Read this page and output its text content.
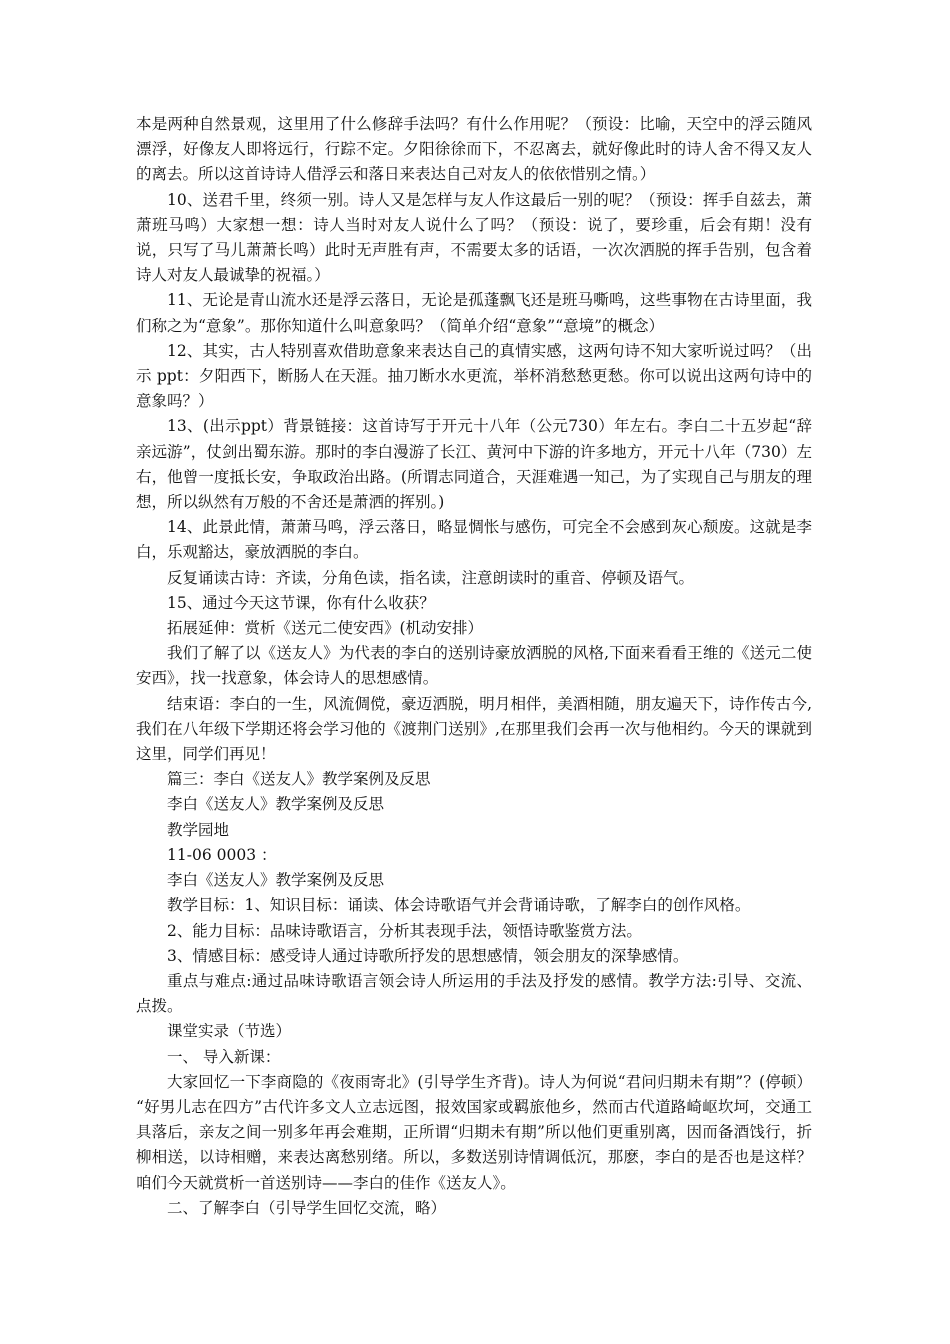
本是两种自然景观，这里用了什么修辞手法吗？有什么作用呢？（预设：比喻，天空中的浮云随风漂浮，好像友人即将远行，行踪不定。夕阳徐徐而下，不忍离去，就好像此时的诗人舍不得又友人的离去。所以这首诗诗人借浮云和落日来表达自己对友人的依依惜别之情。）

10、送君千里，终须一别。诗人又是怎样与友人作这最后一别的呢？（预设：挥手自兹去，萧萧班马鸣）大家想一想：诗人当时对友人说什么了吗？（预设：说了，要珍重，后会有期！没有说，只写了马儿萧萧长鸣）此时无声胜有声，不需要太多的话语，一次次洒脱的挥手告别，包含着诗人对友人最诚挚的祝福。）

11、无论是青山流水还是浮云落日，无论是孤蓬飘飞还是班马嘶鸣，这些事物在古诗里面，我们称之为“意象”。那你知道什么叫意象吗？（简单介绍“意象”“意境”的概念）

12、其实，古人特别喜欢借助意象来表达自己的真情实感，这两句诗不知大家听说过吗？（出示 ppt：夕阳西下，断肠人在天涯。抽刀断水水更流，举杯消愁愁更愁。你可以说出这两句诗中的意象吗？）

13、(出示ppt）背景链接：这首诗写于开元十八年（公元730）年左右。李白二十五岁起“辞亲远游”，仗剑出蜀东游。那时的李白漫游了长江、黄河中下游的许多地方，开元十八年（730）左右，他曾一度抵长安，争取政治出路。(所谓志同道合，天涯难遇一知己，为了实现自己与朋友的理想，所以纵然有万般的不舍还是萧洒的挥别。)

14、此景此情，萧萧马鸣，浮云落日，略显惆怅与感伤，可完全不会感到灰心颓废。这就是李白，乐观豁达，豪放洒脱的李白。

反复诵读古诗：齐读，分角色读，指名读，注意朗读时的重音、停顿及语气。

15、通过今天这节课，你有什么收获？

拓展延伸：赏析《送元二使安西》(机动安排）

我们了解了以《送友人》为代表的李白的送别诗豪放洒脱的风格,下面来看看王维的《送元二使安西》，找一找意象，体会诗人的思想感情。

结束语：李白的一生，风流倜傥，豪迈洒脱，明月相伴，美酒相随，朋友遍天下，诗作传古今,我们在八年级下学期还将会学习他的《渡荆门送别》,在那里我们会再一次与他相约。今天的课就到这里，同学们再见！

篇三：李白《送友人》教学案例及反思

李白《送友人》教学案例及反思

教学园地

11-06 0003 ：

李白《送友人》教学案例及反思

教学目标：1、知识目标：诵读、体会诗歌语气并会背诵诗歌，了解李白的创作风格。

2、能力目标：品味诗歌语言，分析其表现手法，领悟诗歌鉴赏方法。

3、情感目标：感受诗人通过诗歌所抒发的思想感情，领会朋友的深挚感情。

重点与难点:通过品味诗歌语言领会诗人所运用的手法及抒发的感情。教学方法:引导、交流、点拨。

课堂实录（节选）

一、 导入新课：

大家回忆一下李商隐的《夜雨寄北》(引导学生齐背)。诗人为何说“君问归期未有期”？(停顿） “好男儿志在四方”古代许多文人立志远图，报效国家或羁旅他乡，然而古代道路崎岖坎坷，交通工具落后，亲友之间一别多年再会难期，正所谓“归期未有期”所以他们更重别离，因而备酒饯行，折柳相送，以诗相赠，来表达离愁别绪。所以，多数送别诗情调低沉，那麽，李白的是否也是这样？咱们今天就赏析一首送别诗——李白的佳作《送友人》。

二、了解李白（引导学生回忆交流，略）
